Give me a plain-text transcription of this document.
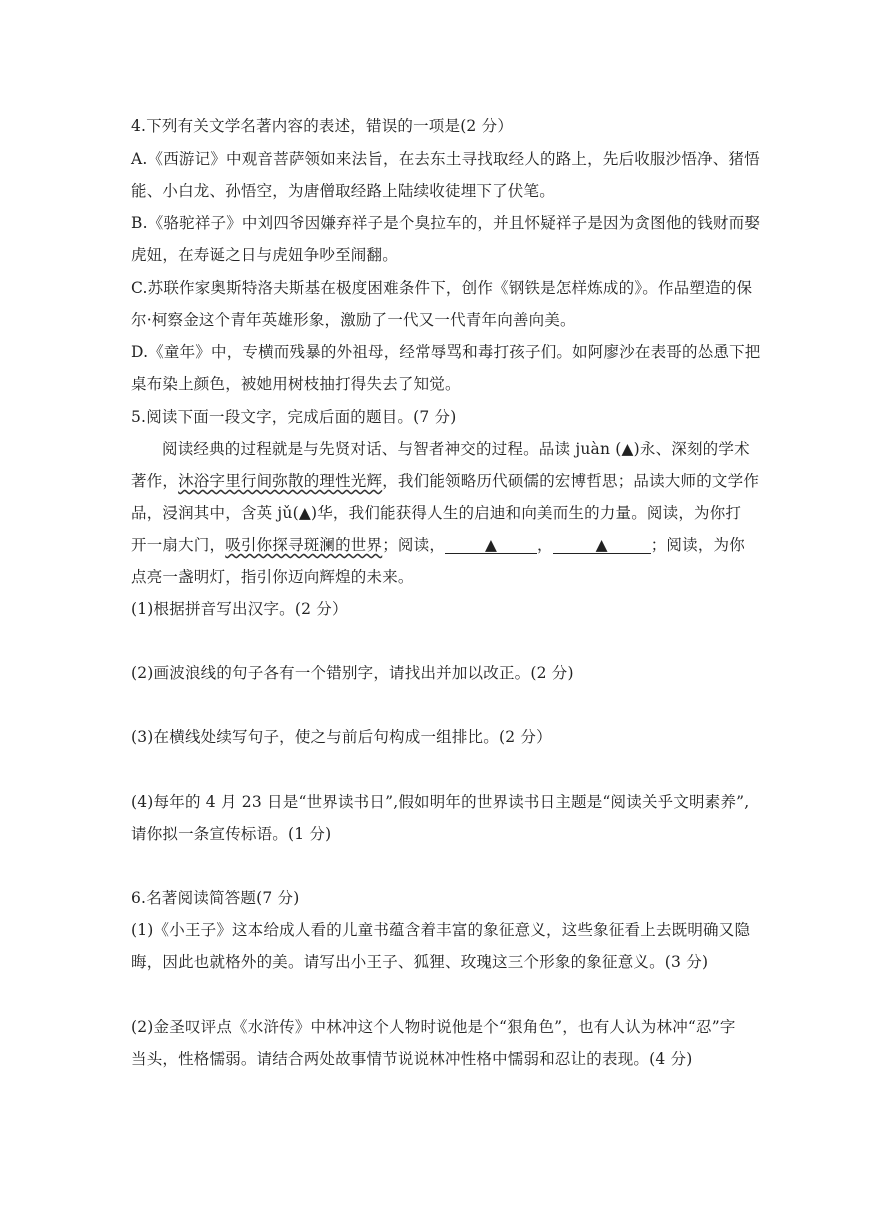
4.下列有关文学名著内容的表述，错误的一项是(2 分）
A.《西游记》中观音菩萨领如来法旨，在去东土寻找取经人的路上，先后收服沙悟净、猪悟
能、小白龙、孙悟空，为唐僧取经路上陆续收徒埋下了伏笔。
B.《骆驼祥子》中刘四爷因嫌弃祥子是个臭拉车的，并且怀疑祥子是因为贪图他的钱财而娶
虎妞，在寿诞之日与虎妞争吵至闹翻。
C.苏联作家奥斯特洛夫斯基在极度困难条件下，创作《钢铁是怎样炼成的》。作品塑造的保
尔·柯察金这个青年英雄形象，激励了一代又一代青年向善向美。
D.《童年》中，专横而残暴的外祖母，经常辱骂和毒打孩子们。如阿廖沙在表哥的怂恿下把
桌布染上颜色，被她用树枝抽打得失去了知觉。
5.阅读下面一段文字，完成后面的题目。(7 分)
阅读经典的过程就是与先贤对话、与智者神交的过程。品读 juàn (▲)永、深刻的学术
著作，沐浴字里行间弥散的理性光辉，我们能领略历代硕儒的宏博哲思；品读大师的文学作
品，浸润其中，含英 jǔ(▲)华，我们能获得人生的启迪和向美而生的力量。阅读，为你打
开一扇大门，吸引你探寻斑澜的世界；阅读，	▲	，	▲	；阅读，为你
点亮一盏明灯，指引你迈向辉煌的未来。
(1)根据拼音写出汉字。(2 分）
(2)画波浪线的句子各有一个错别字，请找出并加以改正。(2 分)
(3)在横线处续写句子，使之与前后句构成一组排比。(2 分）
(4)每年的 4 月 23 日是“世界读书日”,假如明年的世界读书日主题是“阅读关乎文明素养”,
请你拟一条宣传标语。(1 分)
6.名著阅读简答题(7 分)
(1)《小王子》这本给成人看的儿童书蕴含着丰富的象征意义，这些象征看上去既明确又隐
晦，因此也就格外的美。请写出小王子、狐狸、玫瑰这三个形象的象征意义。(3 分)
(2)金圣叹评点《水浒传》中林冲这个人物时说他是个“狠角色”，也有人认为林冲“忍”字
当头，性格懦弱。请结合两处故事情节说说林冲性格中懦弱和忍让的表现。(4 分)
